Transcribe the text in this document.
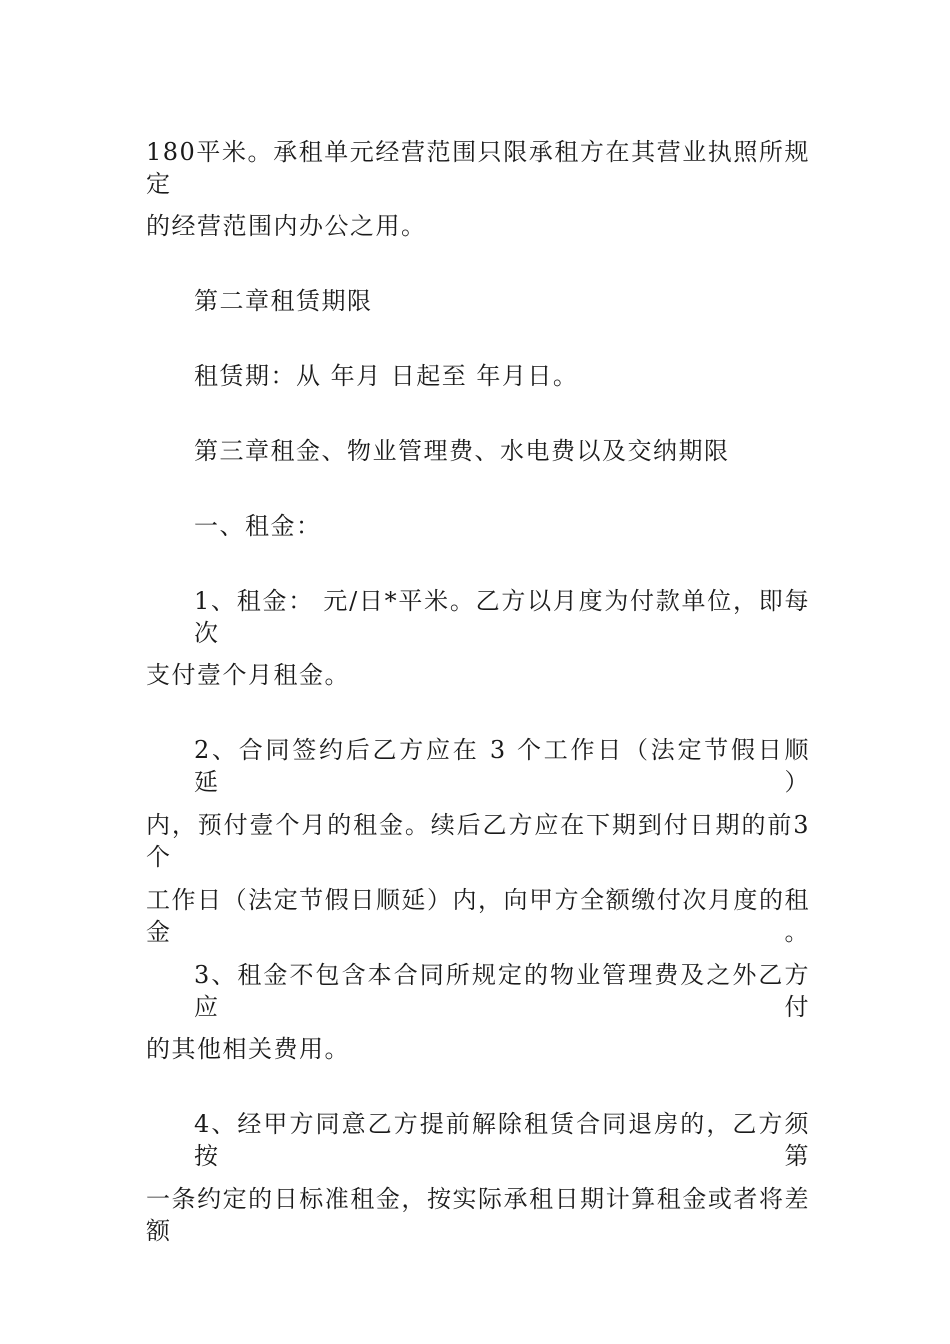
180平米。承租单元经营范围只限承租方在其营业执照所规定
的经营范围内办公之用。
第二章租赁期限
租赁期：从 年月 日起至 年月日。
第三章租金、物业管理费、水电费以及交纳期限
一、租金：
1、租金： 元/日*平米。乙方以月度为付款单位，即每次
支付壹个月租金。
2、合同签约后乙方应在 3 个工作日（法定节假日顺延）
内，预付壹个月的租金。续后乙方应在下期到付日期的前3个
工作日（法定节假日顺延）内，向甲方全额缴付次月度的租金。
3、租金不包含本合同所规定的物业管理费及之外乙方应付
的其他相关费用。
4、经甲方同意乙方提前解除租赁合同退房的，乙方须按第
一条约定的日标准租金，按实际承租日期计算租金或者将差额
